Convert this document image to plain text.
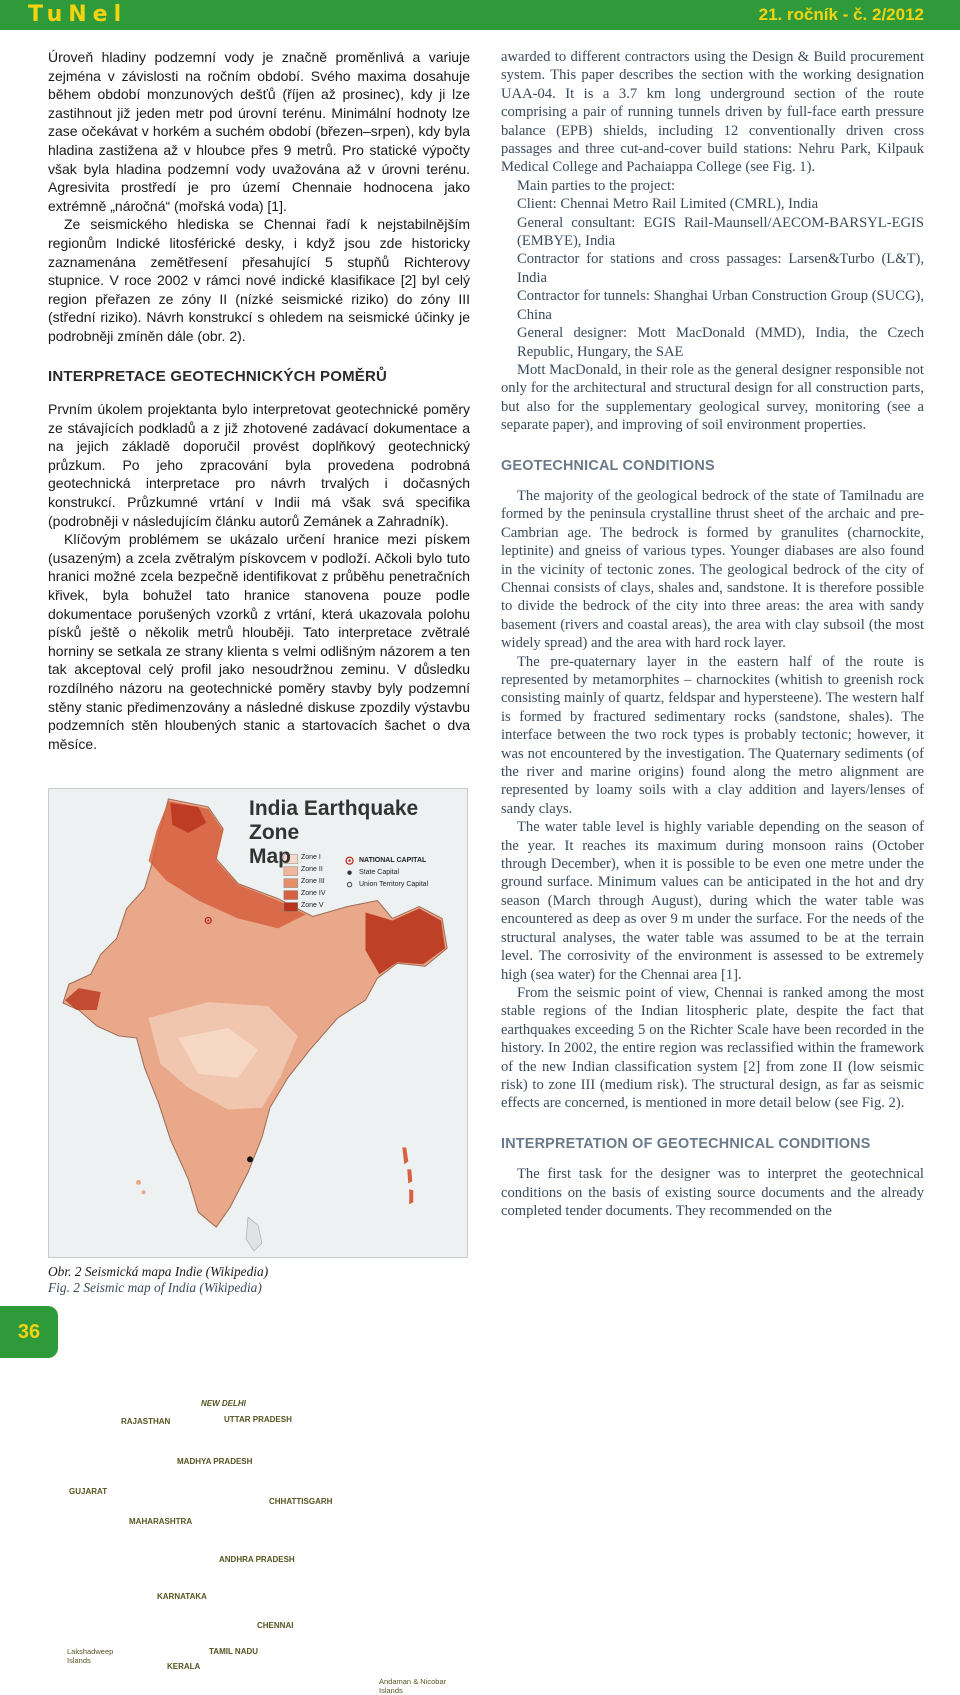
TuNel	21. ročník - č. 2/2012

Úroveň hladiny podzemní vody je značně proměnlivá a variuje zejména v závislosti na ročním období. Svého maxima dosahuje během období monzunových dešťů (říjen až prosinec), kdy ji lze zastihnout již jeden metr pod úrovní terénu. Minimální hodnoty lze zase očekávat v horkém a suchém období (březen–srpen), kdy byla hladina zastižena až v hloubce přes 9 metrů. Pro statické výpočty však byla hladina podzemní vody uvažována až v úrovni terénu. Agresivita prostředí je pro území Chennaie hodnocena jako extrémně „náročná“ (mořská voda) [1].

Ze seismického hlediska se Chennai řadí k nejstabilnějším regionům Indické litosférické desky, i když jsou zde historicky zaznamenána zemětřesení přesahující 5 stupňů Richterovy stupnice. V roce 2002 v rámci nové indické klasifikace [2] byl celý region přeřazen ze zóny II (nízké seismické riziko) do zóny III (střední riziko). Návrh konstrukcí s ohledem na seismické účinky je podrobněji zmíněn dále (obr. 2).

INTERPRETACE GEOTECHNICKÝCH POMĚRŮ

Prvním úkolem projektanta bylo interpretovat geotechnické poměry ze stávajících podkladů a z již zhotovené zadávací dokumentace a na jejich základě doporučil provést doplňkový geotechnický průzkum. Po jeho zpracování byla provedena podrobná geotechnická interpretace pro návrh trvalých i dočasných konstrukcí. Průzkumné vrtání v Indii má však svá specifika (podrobněji v následujícím článku autorů Zemánek a Zahradník).

Klíčovým problémem se ukázalo určení hranice mezi pískem (usazeným) a zcela zvětralým pískovcem v podloží. Ačkoli bylo tuto hranici možné zcela bezpečně identifikovat z průběhu penetračních křivek, byla bohužel tato hranice stanovena pouze podle dokumentace porušených vzorků z vrtání, která ukazovala polohu písků ještě o několik metrů hlouběji. Tato interpretace zvětralé horniny se setkala ze strany klienta s velmi odlišným názorem a ten tak akceptoval celý profil jako nesoudržnou zeminu. V důsledku rozdílného názoru na geotechnické poměry stavby byly podzemní stěny stanic předimenzovány a následné diskuse zpozdily výstavbu podzemních stěn hloubených stanic a startovacích šachet o dva měsíce.

India Earthquake Zone
Map	Zone I
Zone II
Zone III
Zone IV
Zone V
NATIONAL CAPITAL
State Capital
Union Territory Capital
RAJASTHAN
GUJARAT
MADHYA PRADESH
UTTAR PRADESH
MAHARASHTRA
ANDHRA PRADESH
KARNATAKA
TAMIL NADU
KERALA
CHHATTISGARH
NEW DELHI
CHENNAI
Lakshadweep Islands
Andaman & Nicobar Islands
Obr. 2 Seismická mapa Indie (Wikipedia)
Fig. 2 Seismic map of India (Wikipedia)

awarded to different contractors using the Design & Build procurement system. This paper describes the section with the working designation UAA-04. It is a 3.7 km long underground section of the route comprising a pair of running tunnels driven by full-face earth pressure balance (EPB) shields, including 12 conventionally driven cross passages and three cut-and-cover build stations: Nehru Park, Kilpauk Medical College and Pachaiappa College (see Fig. 1).

Main parties to the project:

Client: Chennai Metro Rail Limited (CMRL), India

General consultant: EGIS Rail-Maunsell/AECOM-BARSYL-EGIS (EMBYE), India

Contractor for stations and cross passages: Larsen&Turbo (L&T), India

Contractor for tunnels: Shanghai Urban Construction Group (SUCG), China

General designer: Mott MacDonald (MMD), India, the Czech Republic, Hungary, the SAE

Mott MacDonald, in their role as the general designer responsible not only for the architectural and structural design for all construction parts, but also for the supplementary geological survey, monitoring (see a separate paper), and improving of soil environment properties.

GEOTECHNICAL CONDITIONS

The majority of the geological bedrock of the state of Tamilnadu are formed by the peninsula crystalline thrust sheet of the archaic and pre-Cambrian age. The bedrock is formed by granulites (charnockite, leptinite) and gneiss of various types. Younger diabases are also found in the vicinity of tectonic zones. The geological bedrock of the city of Chennai consists of clays, shales and, sandstone. It is therefore possible to divide the bedrock of the city into three areas: the area with sandy basement (rivers and coastal areas), the area with clay subsoil (the most widely spread) and the area with hard rock layer.

The pre-quaternary layer in the eastern half of the route is represented by metamorphites – charnockites (whitish to greenish rock consisting mainly of quartz, feldspar and hypersteene). The western half is formed by fractured sedimentary rocks (sandstone, shales). The interface between the two rock types is probably tectonic; however, it was not encountered by the investigation. The Quaternary sediments (of the river and marine origins) found along the metro alignment are represented by loamy soils with a clay addition and layers/lenses of sandy clays.

The water table level is highly variable depending on the season of the year. It reaches its maximum during monsoon rains (October through December), when it is possible to be even one metre under the ground surface. Minimum values can be anticipated in the hot and dry season (March through August), during which the water table was encountered as deep as over 9 m under the surface. For the needs of the structural analyses, the water table was assumed to be at the terrain level. The corrosivity of the environment is assessed to be extremely high (sea water) for the Chennai area [1].

From the seismic point of view, Chennai is ranked among the most stable regions of the Indian litospheric plate, despite the fact that earthquakes exceeding 5 on the Richter Scale have been recorded in the history. In 2002, the entire region was reclassified within the framework of the new Indian classification system [2] from zone II (low seismic risk) to zone III (medium risk). The structural design, as far as seismic effects are concerned, is mentioned in more detail below (see Fig. 2).

INTERPRETATION OF GEOTECHNICAL CONDITIONS

The first task for the designer was to interpret the geotechnical conditions on the basis of existing source documents and the already completed tender documents. They recommended on the

36
